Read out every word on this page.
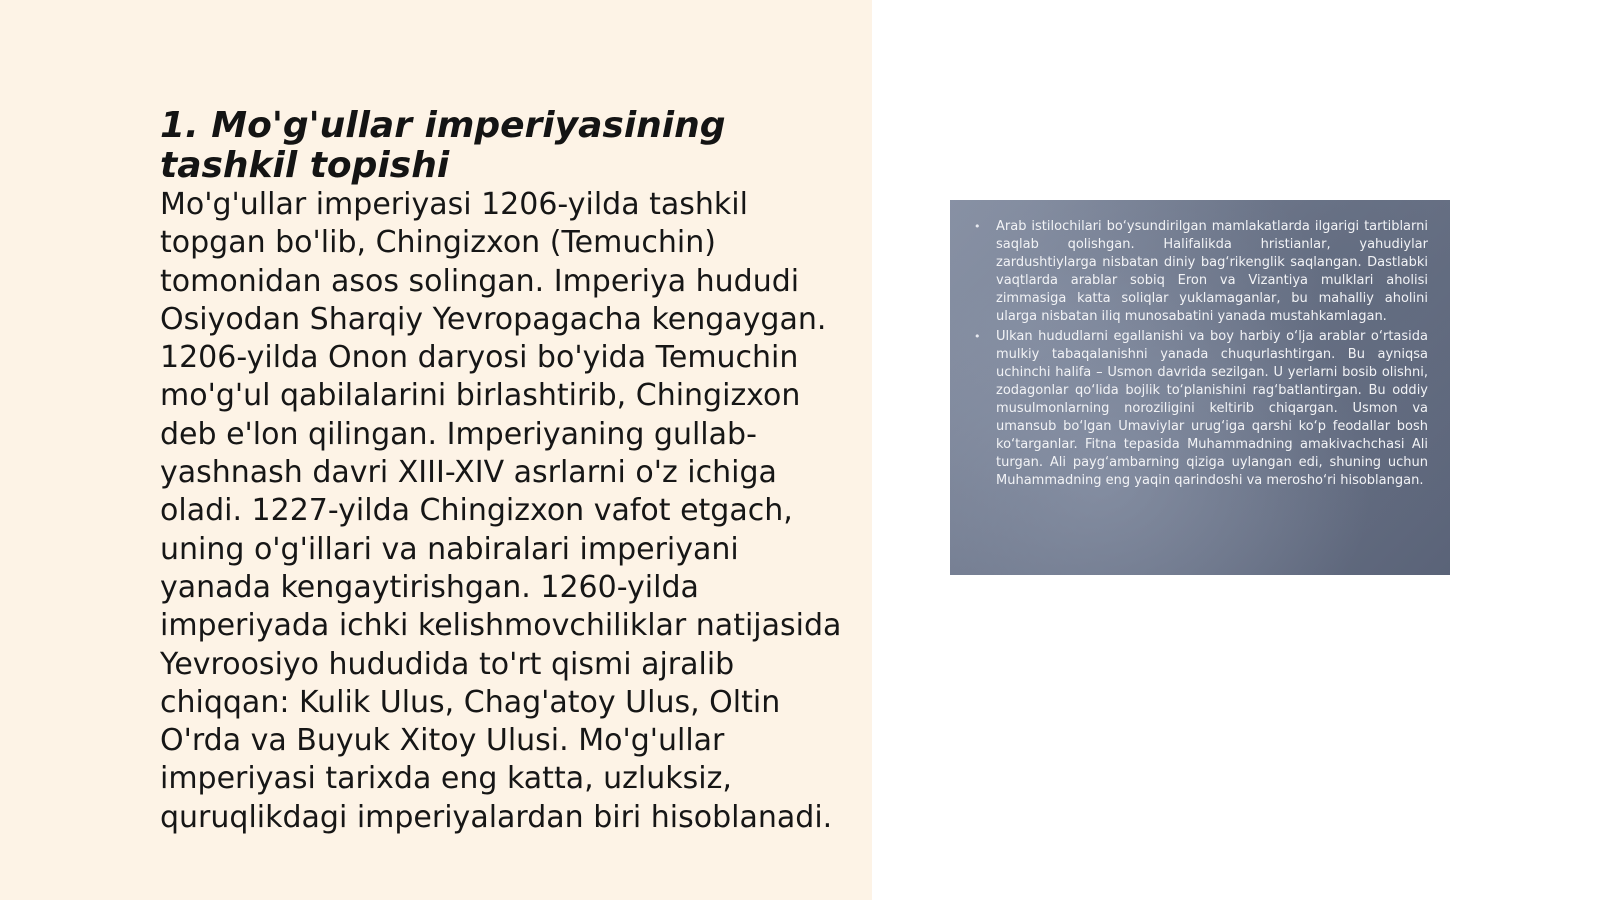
1. Mo'g'ullar imperiyasining tashkil topishi

Mo'g'ullar imperiyasi 1206-yilda tashkil topgan bo'lib, Chingizxon (Temuchin) tomonidan asos solingan. Imperiya hududi Osiyodan Sharqiy Yevropagacha kengaygan. 1206-yilda Onon daryosi bo'yida Temuchin mo'g'ul qabilalarini birlashtirib, Chingizxon deb e'lon qilingan. Imperiyaning gullab-yashnash davri XIII-XIV asrlarni o'z ichiga oladi. 1227-yilda Chingizxon vafot etgach, uning o'g'illari va nabiralari imperiyani yanada kengaytirishgan. 1260-yilda imperiyada ichki kelishmovchiliklar natijasida Yevroosiyo hududida to'rt qismi ajralib chiqqan: Kulik Ulus, Chag'atoy Ulus, Oltin O'rda va Buyuk Xitoy Ulusi. Mo'g'ullar imperiyasi tarixda eng katta, uzluksiz, quruqlikdagi imperiyalardan biri hisoblanadi.

• Arab istilochilari bo‘ysundirilgan mamlakatlarda ilgarigi tartiblarni saqlab qolishgan. Halifalikda hristianlar, yahudiylar zardushtiylarga nisbatan diniy bag‘rikenglik saqlangan. Dastlabki vaqtlarda arablar sobiq Eron va Vizantiya mulklari aholisi zimmasiga katta soliqlar yuklamaganlar, bu mahalliy aholini ularga nisbatan iliq munosabatini yanada mustahkamlagan.
• Ulkan hududlarni egallanishi va boy harbiy o‘lja arablar o‘rtasida mulkiy tabaqalanishni yanada chuqurlashtirgan. Bu ayniqsa uchinchi halifa – Usmon davrida sezilgan. U yerlarni bosib olishni, zodagonlar qo‘lida bojlik to‘planishini rag‘batlantirgan. Bu oddiy musulmonlarning noroziligini keltirib chiqargan. Usmon va umansub bo‘lgan Umaviylar urug‘iga qarshi ko‘p feodallar bosh ko‘targanlar. Fitna tepasida Muhammadning amakivachchasi Ali turgan. Ali payg‘ambarning qiziga uylangan edi, shuning uchun Muhammadning eng yaqin qarindoshi va merosho‘ri hisoblangan.
